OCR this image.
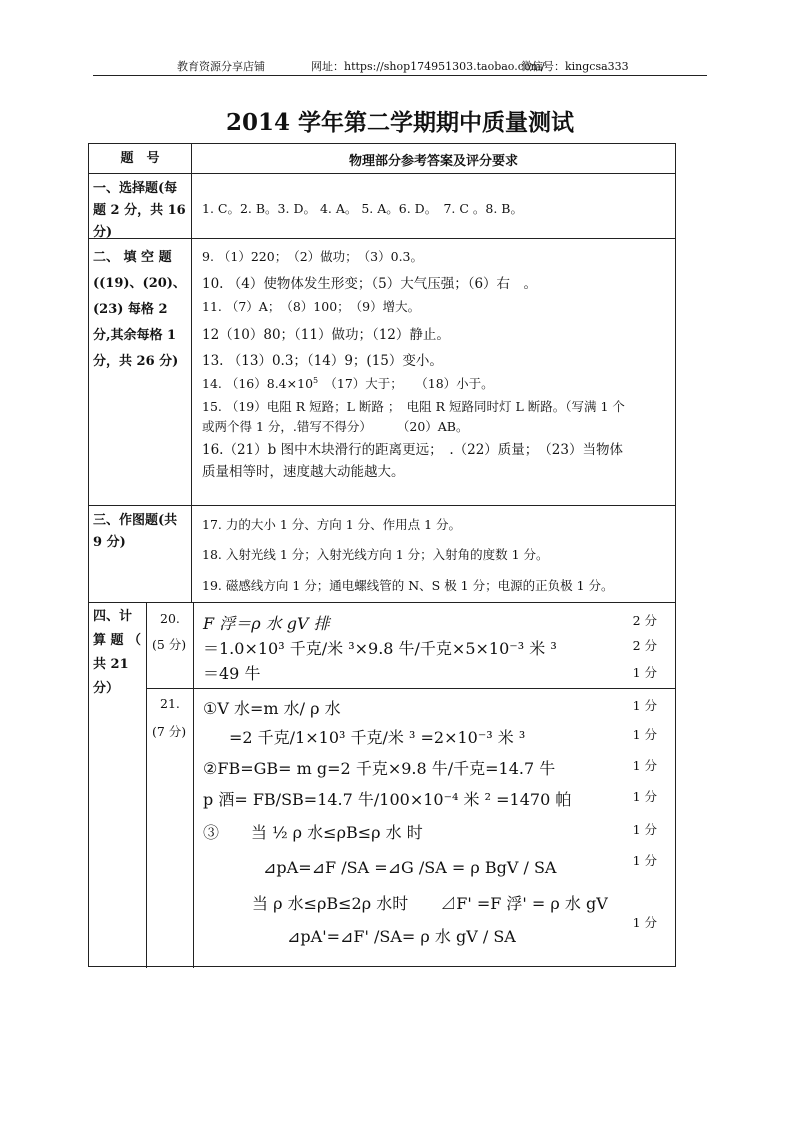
教育资源分享店铺	网址：https://shop174951303.taobao.com/
微信号：kingcsa333
2014 学年第二学期期中质量测试
题　号	物理部分参考答案及评分要求
一、选择题(每题 2 分，共 16 分)
1. C。2. B。3. D。 4. A。 5. A。6. D。　7. C 。8. B。
二、 填 空 题 ((19)、(20)、(23) 每格 2 分,其余每格 1 分，共 26 分)
9. （1）220；　（2）做功；　（3）0.3。
10. （4）使物体发生形变；（5）大气压强；（6）右　。
11. （7）A；　（8）100；　（9）增大。
12（10）80；（11）做功；（12）静止。
13. （13）0.3；（14）9；(15）变小。
14. $(16)8.4\times 10^5$　（17）大于；　　（18）小于。
15. （19）电阻 R 短路；L 断路 ；　电阻 R 短路同时灯 L 断路。（写满 1 个
或两个得 1 分，.错写不得分）　　　（20）AB。
16.（21）b 图中木块滑行的距离更远；　.（22）质量；　（23）当物体
质量相等时，速度越大动能越大。
三、作图题(共 9 分)
17. 力的大小 1 分、方向 1 分、作用点 1 分。
18. 入射光线 1 分；入射光线方向 1 分；入射角的度数 1 分。
19. 磁感线方向 1 分；通电螺线管的 N、S 极 1 分；电源的正负极 1 分。
四、计 算 题 （ 共 21 分）
20.
(5 分)
F 浮＝ρ 水 gV 排
＝1.0×10³ 千克/米 ³×9.8 牛/千克×5×10⁻³ 米 ³
＝49 牛
2 分
2 分
1 分
21.
(7 分)
①V 水=m 水/ ρ 水
=2 千克/1×10³ 千克/米 ³ =2×10⁻³ 米 ³
②FB=GB= m g=2 千克×9.8 牛/千克=14.7 牛
p 酒= FB/SB=14.7 牛/100×10⁻⁴ 米 ² =1470 帕
③　　当 ½ ρ 水≤ρB≤ρ 水 时
⊿pA=⊿F /SA =⊿G /SA = ρ BgV / SA
当 ρ 水≤ρB≤2ρ 水时　　⊿F' =F 浮' = ρ 水 gV
⊿pA'=⊿F' /SA= ρ 水 gV / SA
1 分
1 分
1 分
1 分
1 分
1 分
1 分
